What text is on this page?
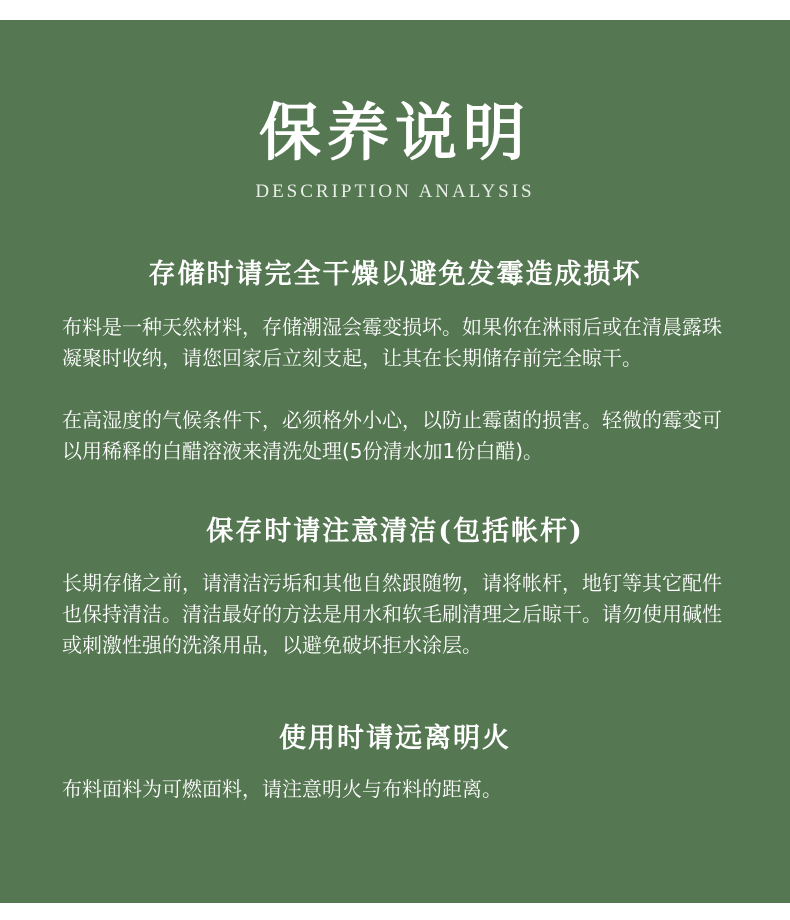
保养说明
DESCRIPTION ANALYSIS
存储时请完全干燥以避免发霉造成损坏

布料是一种天然材料，存储潮湿会霉变损坏。如果你在淋雨后或在清晨露珠凝聚时收纳，请您回家后立刻支起，让其在长期储存前完全晾干。

在高湿度的气候条件下，必须格外小心，以防止霉菌的损害。轻微的霉变可以用稀释的白醋溶液来清洗处理(5份清水加1份白醋)。

保存时请注意清洁(包括帐杆)

长期存储之前，请清洁污垢和其他自然跟随物，请将帐杆，地钉等其它配件也保持清洁。清洁最好的方法是用水和软毛刷清理之后晾干。请勿使用碱性或刺激性强的洗涤用品，以避免破坏拒水涂层。

使用时请远离明火

布料面料为可燃面料，请注意明火与布料的距离。
